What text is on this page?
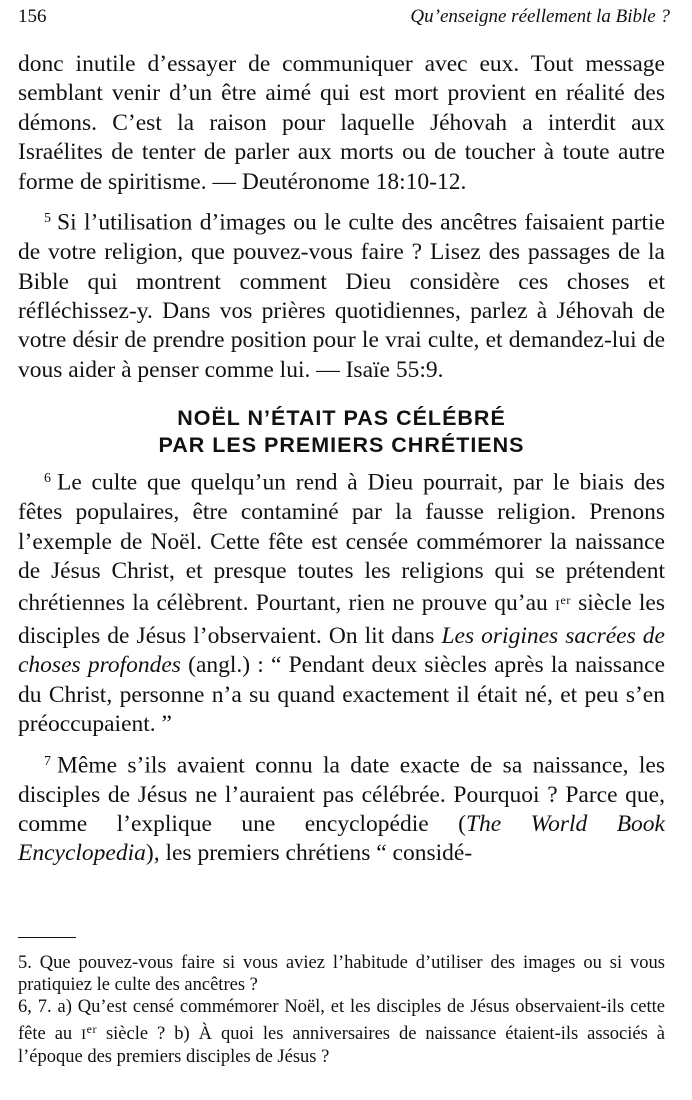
156	Qu’enseigne réellement la Bible ?

donc inutile d’essayer de communiquer avec eux. Tout message semblant venir d’un être aimé qui est mort provient en réalité des démons. C’est la raison pour laquelle Jéhovah a interdit aux Israélites de tenter de parler aux morts ou de toucher à toute autre forme de spiritisme. — Deutéronome 18:10-12.

$^5$ Si l’utilisation d’images ou le culte des ancêtres faisaient partie de votre religion, que pouvez-vous faire ? Lisez des passages de la Bible qui montrent comment Dieu considère ces choses et réfléchissez-y. Dans vos prières quotidiennes, parlez à Jéhovah de votre désir de prendre position pour le vrai culte, et demandez-lui de vous aider à penser comme lui. — Isaïe 55:9.

NOËL N’ÉTAIT PAS CÉLÉBRÉ
PAR LES PREMIERS CHRÉTIENS

$^6$ Le culte que quelqu’un rend à Dieu pourrait, par le biais des fêtes populaires, être contaminé par la fausse religion. Prenons l’exemple de Noël. Cette fête est censée commémorer la naissance de Jésus Christ, et presque toutes les religions qui se prétendent chrétiennes la célèbrent. Pourtant, rien ne prouve qu’au Ier siècle les disciples de Jésus l’observaient. On lit dans Les origines sacrées de choses profondes (angl.) : “ Pendant deux siècles après la naissance du Christ, personne n’a su quand exactement il était né, et peu s’en préoccupaient. ”

$^7$ Même s’ils avaient connu la date exacte de sa naissance, les disciples de Jésus ne l’auraient pas célébrée. Pourquoi ? Parce que, comme l’explique une encyclopédie (The World Book Encyclopedia), les premiers chrétiens “ considé-

5. Que pouvez-vous faire si vous aviez l’habitude d’utiliser des images ou si vous pratiquiez le culte des ancêtres ?

6, 7. a) Qu’est censé commémorer Noël, et les disciples de Jésus observaient-ils cette fête au Ier siècle ? b) À quoi les anniversaires de naissance étaient-ils associés à l’époque des premiers disciples de Jésus ?
